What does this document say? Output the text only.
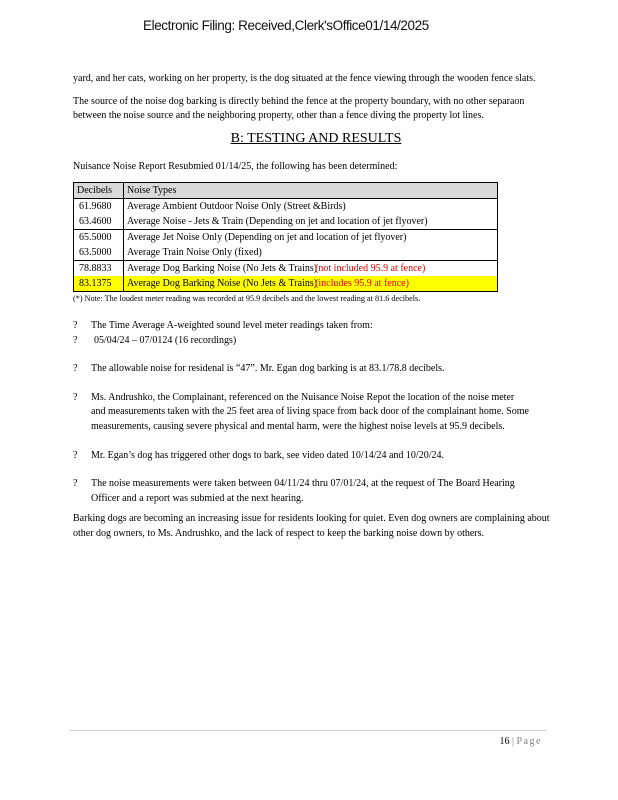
Electronic Filing: Received,Clerk'sOffice01/14/2025

yard, and her cats, working on her property, is the dog situated at the fence viewing through the wooden fence slats.

The source of the noise dog barking is directly behind the fence at the property boundary, with no other separaon between the noise source and the neighboring property, other than a fence diving the property lot lines.

B: TESTING AND RESULTS

Nuisance Noise Report Resubmied 01/14/25, the following has been determined:

Decibels	Noise Types
61.9680	Average Ambient Outdoor Noise Only (Street &Birds)
63.4600	Average Noise - Jets & Train (Depending on jet and location of jet flyover)
65.5000	Average Jet Noise Only (Depending on jet and location of jet flyover)
63.5000	Average Train Noise Only (fixed)
78.8833	Average Dog Barking Noise (No Jets & Trains)(not included 95.9 at fence)
83.1375	Average Dog Barking Noise (No Jets & Trains)(includes 95.9 at fence)

(*) Note: The loudest meter reading was recorded at 95.9 decibels and the lowest reading at 81.6 decibels.

?	The Time Average A-weighted sound level meter readings taken from:
?	05/04/24 – 07/0124 (16 recordings)
?	The allowable noise for residenal is “47”. Mr. Egan dog barking is at 83.1/78.8 decibels.
?	Ms. Andrushko, the Complainant, referenced on the Nuisance Noise Repot the location of the noise meter and measurements taken with the 25 feet area of living space from back door of the complainant home. Some measurements, causing severe physical and mental harm, were the highest noise levels at 95.9 decibels.
?	Mr. Egan’s dog has triggered other dogs to bark, see video dated 10/14/24 and 10/20/24.
?	The noise measurements were taken between 04/11/24 thru 07/01/24, at the request of The Board Hearing Officer and a report was submied at the next hearing.

Barking dogs are becoming an increasing issue for residents looking for quiet. Even dog owners are complaining about other dog owners, to Ms. Andrushko, and the lack of respect to keep the barking noise down by others.

16 | Page
